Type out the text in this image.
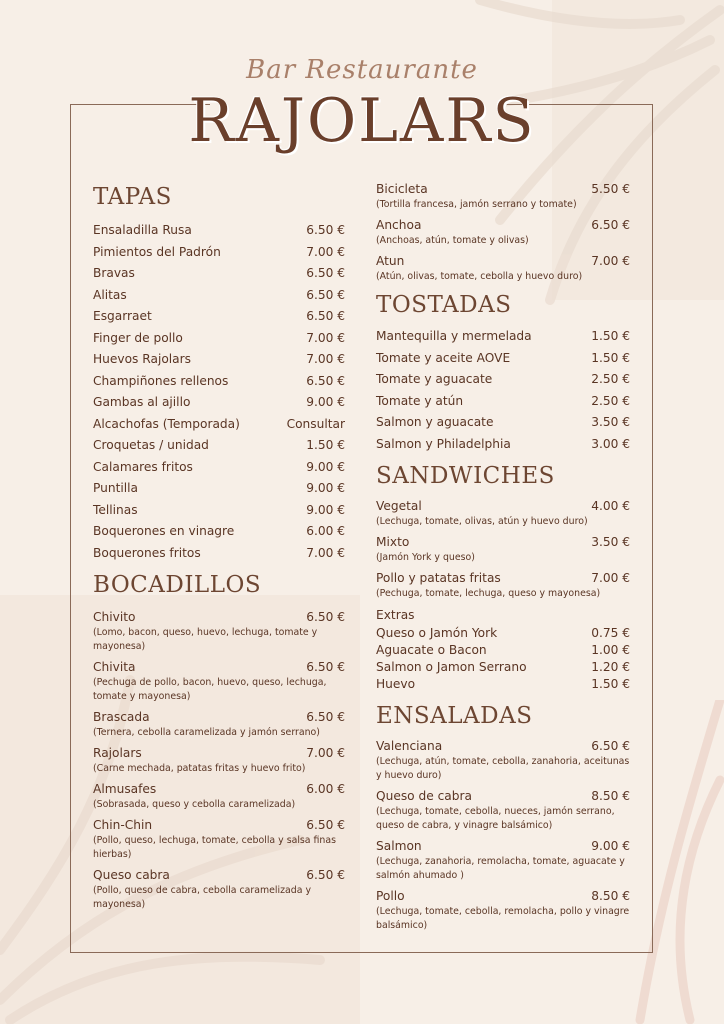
Bar Restaurante
RAJOLARS
TAPAS
Ensaladilla Rusa	6.50 €
Pimientos del Padrón	7.00 €
Bravas	6.50 €
Alitas	6.50 €
Esgarraet	6.50 €
Finger de pollo	7.00 €
Huevos Rajolars	7.00 €
Champiñones rellenos	6.50 €
Gambas al ajillo	9.00 €
Alcachofas (Temporada)	Consultar
Croquetas / unidad	1.50 €
Calamares fritos	9.00 €
Puntilla	9.00 €
Tellinas	9.00 €
Boquerones en vinagre	6.00 €
Boquerones fritos	7.00 €
BOCADILLOS
Chivito	6.50 €
(Lomo, bacon, queso, huevo, lechuga, tomate y mayonesa)
Chivita	6.50 €
(Pechuga de pollo, bacon, huevo, queso, lechuga, tomate y mayonesa)
Brascada	6.50 €
(Ternera, cebolla caramelizada y jamón serrano)
Rajolars	7.00 €
(Carne mechada, patatas fritas y huevo frito)
Almusafes	6.00 €
(Sobrasada, queso y cebolla caramelizada)
Chin-Chin	6.50 €
(Pollo, queso, lechuga, tomate, cebolla y salsa finas hierbas)
Queso cabra	6.50 €
(Pollo, queso de cabra, cebolla caramelizada y mayonesa)
Bicicleta	5.50 €
(Tortilla francesa, jamón serrano y tomate)
Anchoa	6.50 €
(Anchoas, atún, tomate y olivas)
Atun	7.00 €
(Atún, olivas, tomate, cebolla y huevo duro)
TOSTADAS
Mantequilla y mermelada	1.50 €
Tomate y aceite AOVE	1.50 €
Tomate y aguacate	2.50 €
Tomate y atún	2.50 €
Salmon y aguacate	3.50 €
Salmon y Philadelphia	3.00 €
SANDWICHES
Vegetal	4.00 €
(Lechuga, tomate, olivas, atún y huevo duro)
Mixto	3.50 €
(Jamón York y queso)
Pollo y patatas fritas	7.00 €
(Pechuga, tomate, lechuga, queso y mayonesa)
Extras
Queso o Jamón York	0.75 €
Aguacate o Bacon	1.00 €
Salmon o Jamon Serrano	1.20 €
Huevo	1.50 €
ENSALADAS
Valenciana	6.50 €
(Lechuga, atún, tomate, cebolla, zanahoria, aceitunas y huevo duro)
Queso de cabra	8.50 €
(Lechuga, tomate, cebolla, nueces, jamón serrano, queso de cabra, y vinagre balsámico)
Salmon	9.00 €
(Lechuga, zanahoria, remolacha, tomate, aguacate y salmón ahumado )
Pollo	8.50 €
(Lechuga, tomate, cebolla, remolacha, pollo y vinagre balsámico)
